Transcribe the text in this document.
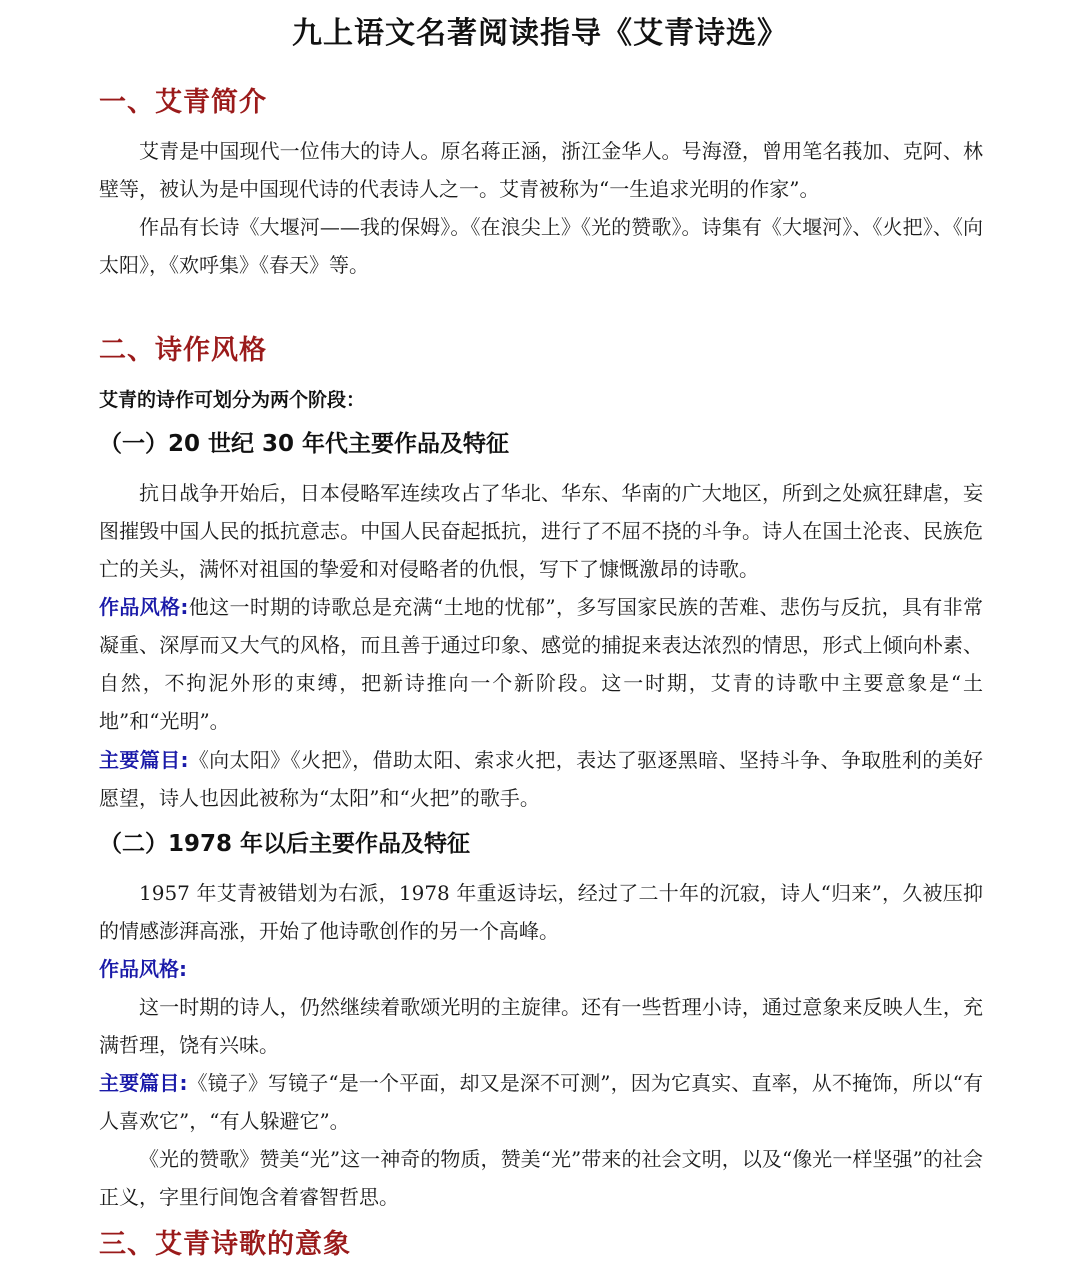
九上语文名著阅读指导《艾青诗选》
一、艾青简介

艾青是中国现代一位伟大的诗人。原名蒋正涵，浙江金华人。号海澄，曾用笔名莪加、克阿、林壁等，被认为是中国现代诗的代表诗人之一。艾青被称为“一生追求光明的作家”。

作品有长诗《大堰河——我的保姆》。《在浪尖上》《光的赞歌》。诗集有《大堰河》、《火把》、《向太阳》，《欢呼集》《春天》等。

二、诗作风格
艾青的诗作可划分为两个阶段：
（一）20 世纪 30 年代主要作品及特征

抗日战争开始后，日本侵略军连续攻占了华北、华东、华南的广大地区，所到之处疯狂肆虐，妄图摧毁中国人民的抵抗意志。中国人民奋起抵抗，进行了不屈不挠的斗争。诗人在国土沦丧、民族危亡的关头，满怀对祖国的挚爱和对侵略者的仇恨，写下了慷慨激昂的诗歌。

作品风格:他这一时期的诗歌总是充满“土地的忧郁”，多写国家民族的苦难、悲伤与反抗，具有非常凝重、深厚而又大气的风格，而且善于通过印象、感觉的捕捉来表达浓烈的情思，形式上倾向朴素、自然，不拘泥外形的束缚，把新诗推向一个新阶段。这一时期，艾青的诗歌中主要意象是“土地”和“光明”。

主要篇目:《向太阳》《火把》，借助太阳、索求火把，表达了驱逐黑暗、坚持斗争、争取胜利的美好愿望，诗人也因此被称为“太阳”和“火把”的歌手。

（二）1978 年以后主要作品及特征

1957 年艾青被错划为右派，1978 年重返诗坛，经过了二十年的沉寂，诗人“归来”，久被压抑的情感澎湃高涨，开始了他诗歌创作的另一个高峰。

作品风格:

这一时期的诗人，仍然继续着歌颂光明的主旋律。还有一些哲理小诗，通过意象来反映人生，充满哲理，饶有兴味。

主要篇目:《镜子》写镜子“是一个平面，却又是深不可测”，因为它真实、直率，从不掩饰，所以“有人喜欢它”，“有人躲避它”。

《光的赞歌》赞美“光”这一神奇的物质，赞美“光”带来的社会文明，以及“像光一样坚强”的社会正义，字里行间饱含着睿智哲思。

三、艾青诗歌的意象
